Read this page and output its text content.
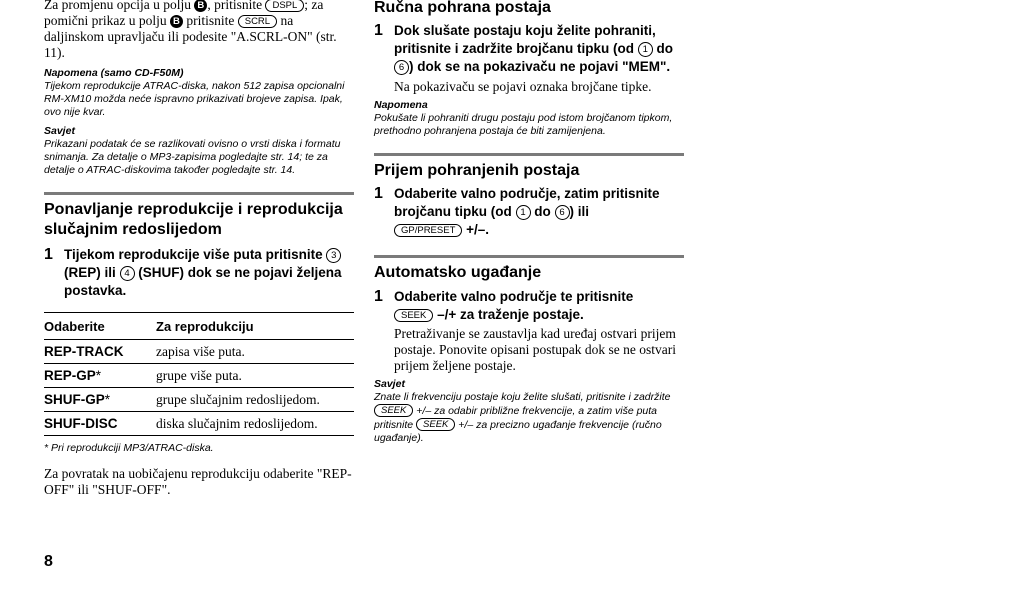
Za promjenu opcija u polju B , pritisnite DSPL ; za pomični prikaz u polju B pritisnite SCRL na daljinskom upravljaču ili podesite "A.SCRL-ON" (str. 11).

Napomena (samo CD-F50M)

Tijekom reprodukcije ATRAC-diska, nakon 512 zapisa opcionalni RM-XM10 možda neće ispravno prikazivati brojeve zapisa. Ipak, ovo nije kvar.

Savjet

Prikazani podatak će se razlikovati ovisno o vrsti diska i formatu snimanja. Za detalje o MP3-zapisima pogledajte str. 14; te za detalje o ATRAC-diskovima također pogledajte str. 14.

Ponavljanje reprodukcije i reprodukcija slučajnim redoslijedom

1 Tijekom reprodukcije više puta pritisnite 3 (REP) ili 4 (SHUF) dok se ne pojavi željena postavka.
Odaberite	Za reprodukciju
REP-TRACK	zapisa više puta.
REP-GP*	grupe više puta.
SHUF-GP*	grupe slučajnim redoslijedom.
SHUF-DISC	diska slučajnim redoslijedom.

* Pri reprodukciji MP3/ATRAC-diska.

Za povratak na uobičajenu reprodukciju odaberite "REP-OFF" ili "SHUF-OFF".

Ručna pohrana postaja

1 Dok slušate postaju koju želite pohraniti, pritisnite i zadržite brojčanu tipku (od 1 do 6 ) dok se na pokazivaču ne pojavi "MEM".

Na pokazivaču se pojavi oznaka brojčane tipke.

Napomena

Pokušate li pohraniti drugu postaju pod istom brojčanom tipkom, prethodno pohranjena postaja će biti zamijenjena.

Prijem pohranjenih postaja

1 Odaberite valno područje, zatim pritisnite brojčanu tipku (od 1 do 6 ) ili
GP/PRESET +/–.

Automatsko ugađanje

1 Odaberite valno područje te pritisnite
SEEK –/+ za traženje postaje.

Pretraživanje se zaustavlja kad uređaj ostvari prijem postaje. Ponovite opisani postupak dok se ne ostvari prijem željene postaje.

Savjet

Znate li frekvenciju postaje koju želite slušati, pritisnite i zadržite SEEK +/– za odabir približne frekvencije, a zatim više puta pritisnite SEEK +/– za precizno ugađanje frekvencije (ručno ugađanje).

8
